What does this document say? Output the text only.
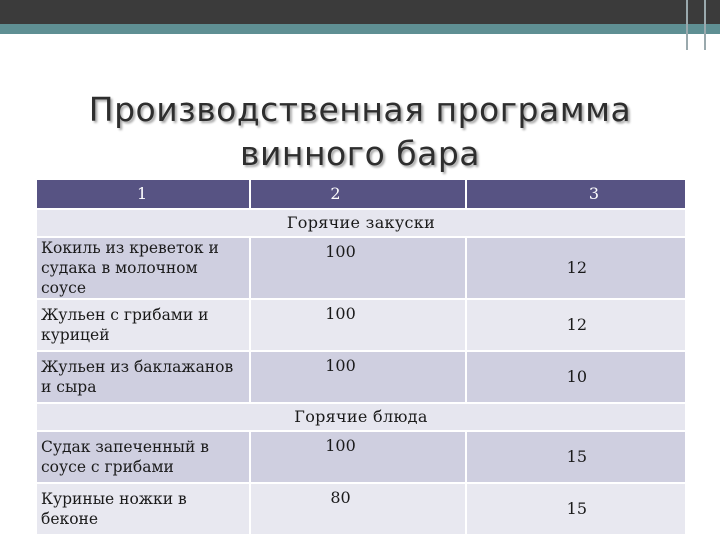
Производственная программа
винного бара
1	2	3
Горячие закуски		
Кокиль из креветок и судака в молочном соусе	100	12
Жульен с грибами и курицей	100	12
Жульен из баклажанов и сыра	100	10
Горячие блюда		
Судак запеченный в соусе с грибами	100	15
Куриные ножки в беконе	80	15
